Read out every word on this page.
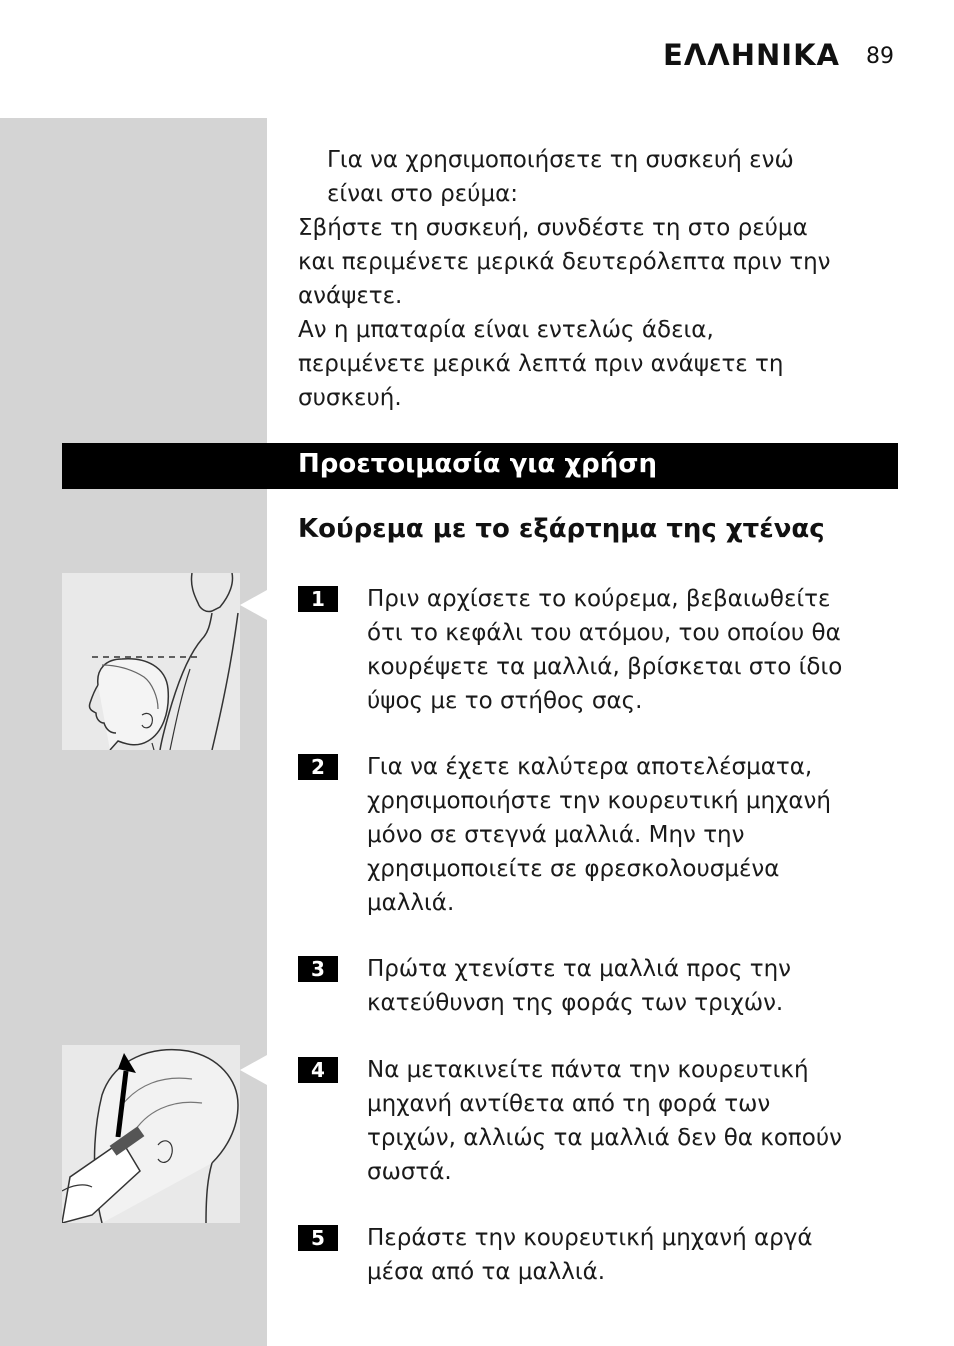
ΕΛΛΗΝΙΚΑ 89
Για να χρησιμοποιήσετε τη συσκευή ενώ
είναι στο ρεύμα:
Σβήστε τη συσκευή, συνδέστε τη στο ρεύμα
και περιμένετε μερικά δευτερόλεπτα πριν την
ανάψετε.
Αν η μπαταρία είναι εντελώς άδεια,
περιμένετε μερικά λεπτά πριν ανάψετε τη
συσκευή.
Προετοιμασία για χρήση
Κούρεμα με το εξάρτημα της χτένας
1	Πριν αρχίσετε το κούρεμα, βεβαιωθείτε
ότι το κεφάλι του ατόμου, του οποίου θα
κουρέψετε τα μαλλιά, βρίσκεται στο ίδιο
ύψος με το στήθος σας.
2	Για να έχετε καλύτερα αποτελέσματα,
χρησιμοποιήστε την κουρευτική μηχανή
μόνο σε στεγνά μαλλιά. Μην την
χρησιμοποιείτε σε φρεσκολουσμένα
μαλλιά.
3	Πρώτα χτενίστε τα μαλλιά προς την
κατεύθυνση της φοράς των τριχών.
4	Να μετακινείτε πάντα την κουρευτική
μηχανή αντίθετα από τη φορά των
τριχών, αλλιώς τα μαλλιά δεν θα κοπούν
σωστά.
5	Περάστε την κουρευτική μηχανή αργά
μέσα από τα μαλλιά.
